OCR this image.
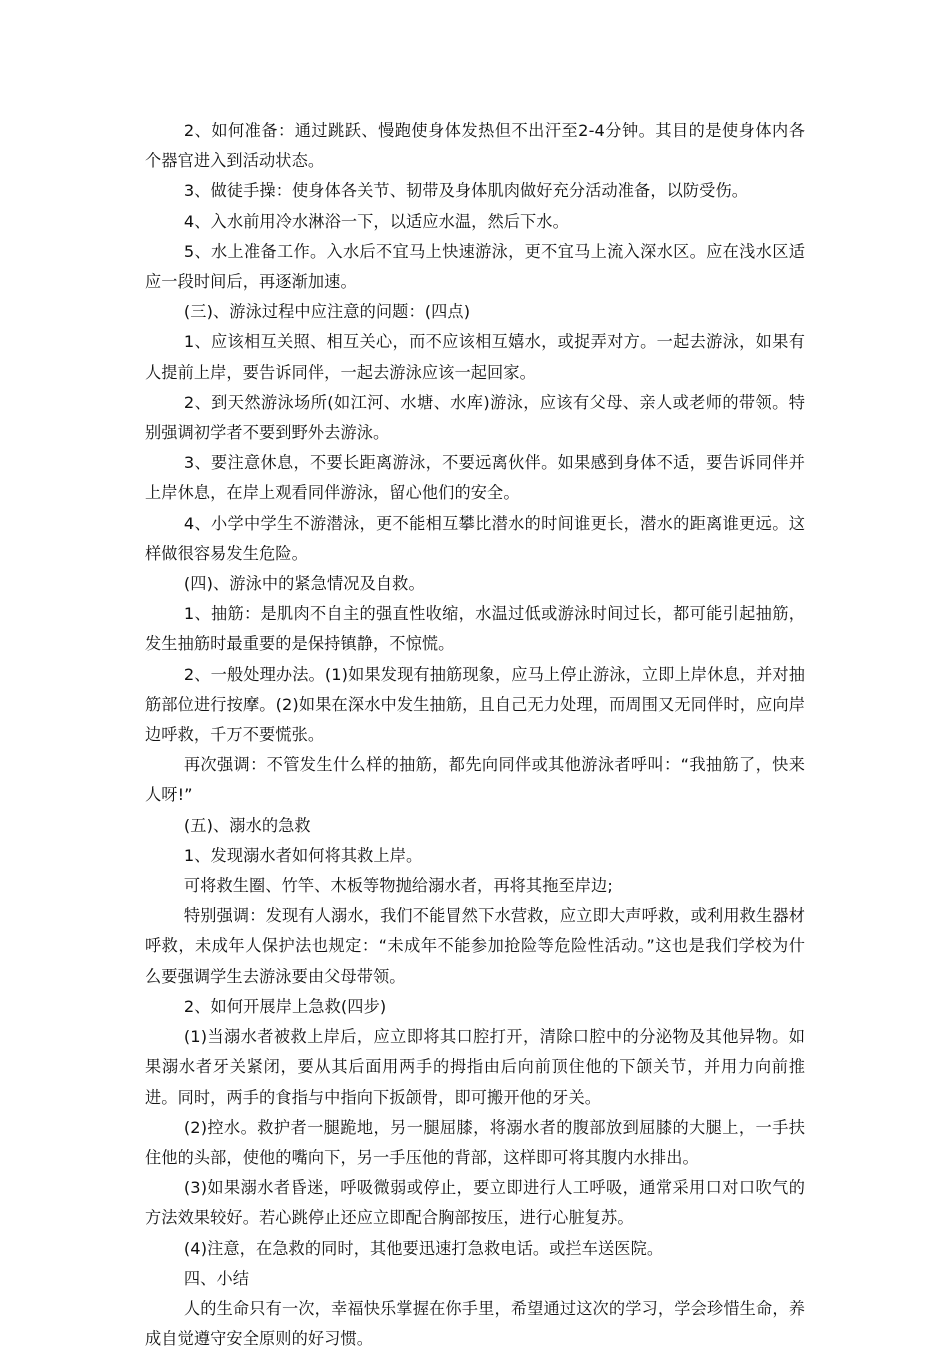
2、如何准备：通过跳跃、慢跑使身体发热但不出汗至2-4分钟。其目的是使身体内各个器官进入到活动状态。

3、做徒手操：使身体各关节、韧带及身体肌肉做好充分活动准备，以防受伤。

4、入水前用冷水淋浴一下，以适应水温，然后下水。

5、水上准备工作。入水后不宜马上快速游泳，更不宜马上流入深水区。应在浅水区适应一段时间后，再逐渐加速。

(三)、游泳过程中应注意的问题：(四点)

1、应该相互关照、相互关心，而不应该相互嬉水，或捉弄对方。一起去游泳，如果有人提前上岸，要告诉同伴，一起去游泳应该一起回家。

2、到天然游泳场所(如江河、水塘、水库)游泳，应该有父母、亲人或老师的带领。特别强调初学者不要到野外去游泳。

3、要注意休息，不要长距离游泳，不要远离伙伴。如果感到身体不适，要告诉同伴并上岸休息，在岸上观看同伴游泳，留心他们的安全。

4、小学中学生不游潜泳，更不能相互攀比潜水的时间谁更长，潜水的距离谁更远。这样做很容易发生危险。

(四)、游泳中的紧急情况及自救。

1、抽筋：是肌肉不自主的强直性收缩，水温过低或游泳时间过长，都可能引起抽筋，发生抽筋时最重要的是保持镇静，不惊慌。

2、一般处理办法。(1)如果发现有抽筋现象，应马上停止游泳，立即上岸休息，并对抽筋部位进行按摩。(2)如果在深水中发生抽筋，且自己无力处理，而周围又无同伴时，应向岸边呼救，千万不要慌张。

再次强调：不管发生什么样的抽筋，都先向同伴或其他游泳者呼叫：“我抽筋了，快来人呀!”

(五)、溺水的急救

1、发现溺水者如何将其救上岸。

可将救生圈、竹竿、木板等物抛给溺水者，再将其拖至岸边;

特别强调：发现有人溺水，我们不能冒然下水营救，应立即大声呼救，或利用救生器材呼救，未成年人保护法也规定：“未成年不能参加抢险等危险性活动。”这也是我们学校为什么要强调学生去游泳要由父母带领。

2、如何开展岸上急救(四步)

(1)当溺水者被救上岸后，应立即将其口腔打开，清除口腔中的分泌物及其他异物。如果溺水者牙关紧闭，要从其后面用两手的拇指由后向前顶住他的下颌关节，并用力向前推进。同时，两手的食指与中指向下扳颌骨，即可搬开他的牙关。

(2)控水。救护者一腿跪地，另一腿屈膝，将溺水者的腹部放到屈膝的大腿上，一手扶住他的头部，使他的嘴向下，另一手压他的背部，这样即可将其腹内水排出。

(3)如果溺水者昏迷，呼吸微弱或停止，要立即进行人工呼吸，通常采用口对口吹气的方法效果较好。若心跳停止还应立即配合胸部按压，进行心脏复苏。

(4)注意，在急救的同时，其他要迅速打急救电话。或拦车送医院。

四、小结

人的生命只有一次，幸福快乐掌握在你手里，希望通过这次的学习，学会珍惜生命，养成自觉遵守安全原则的好习惯。
